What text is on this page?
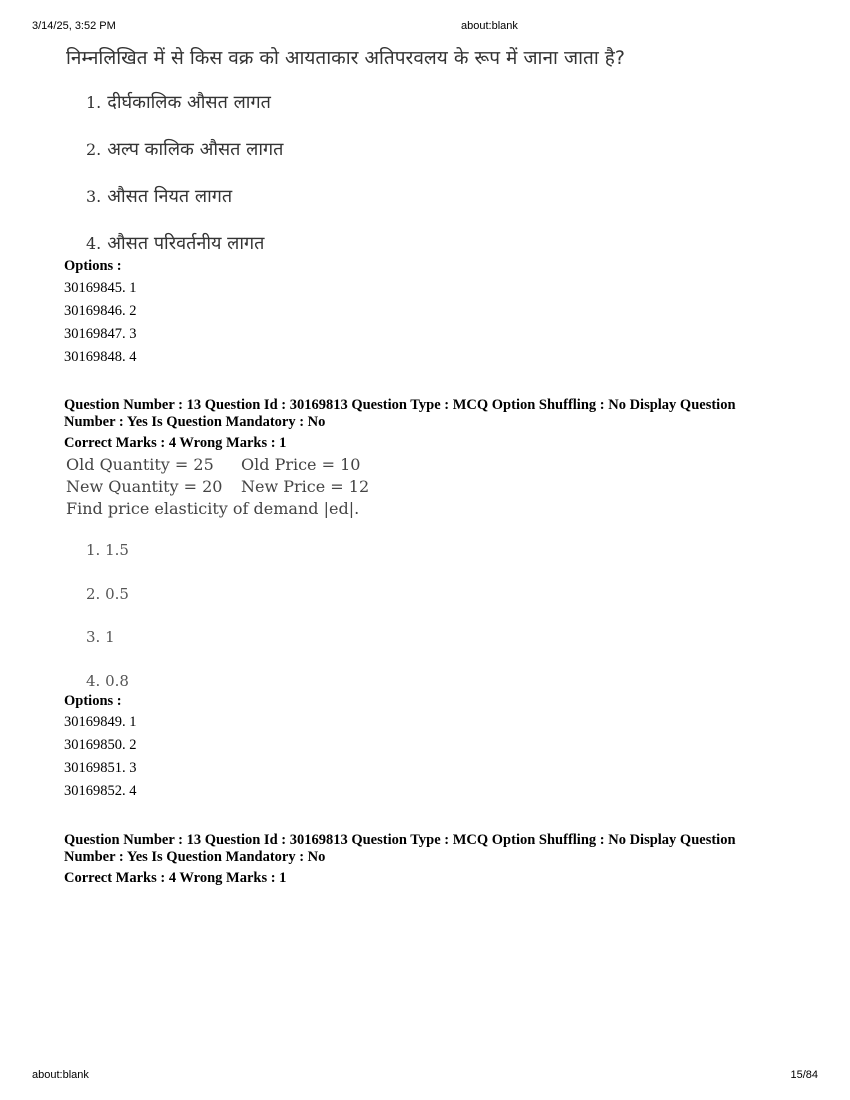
3/14/25, 3:52 PM	about:blank
निम्नलिखित में से किस वक्र को आयताकार अतिपरवलय के रूप में जाना जाता है?
1. दीर्घकालिक औसत लागत
2. अल्प कालिक औसत लागत
3. औसत नियत लागत
4. औसत परिवर्तनीय लागत
Options :
30169845. 1
30169846. 2
30169847. 3
30169848. 4
Question Number : 13 Question Id : 30169813 Question Type : MCQ Option Shuffling : No Display Question
Number : Yes Is Question Mandatory : No
Correct Marks : 4 Wrong Marks : 1
Old Quantity = 25 Old Price = 10
New Quantity = 20 New Price = 12
Find price elasticity of demand |ed|.
1. 1.5
2. 0.5
3. 1
4. 0.8
Options :
30169849. 1
30169850. 2
30169851. 3
30169852. 4
Question Number : 13 Question Id : 30169813 Question Type : MCQ Option Shuffling : No Display Question
Number : Yes Is Question Mandatory : No
Correct Marks : 4 Wrong Marks : 1
about:blank	15/84
